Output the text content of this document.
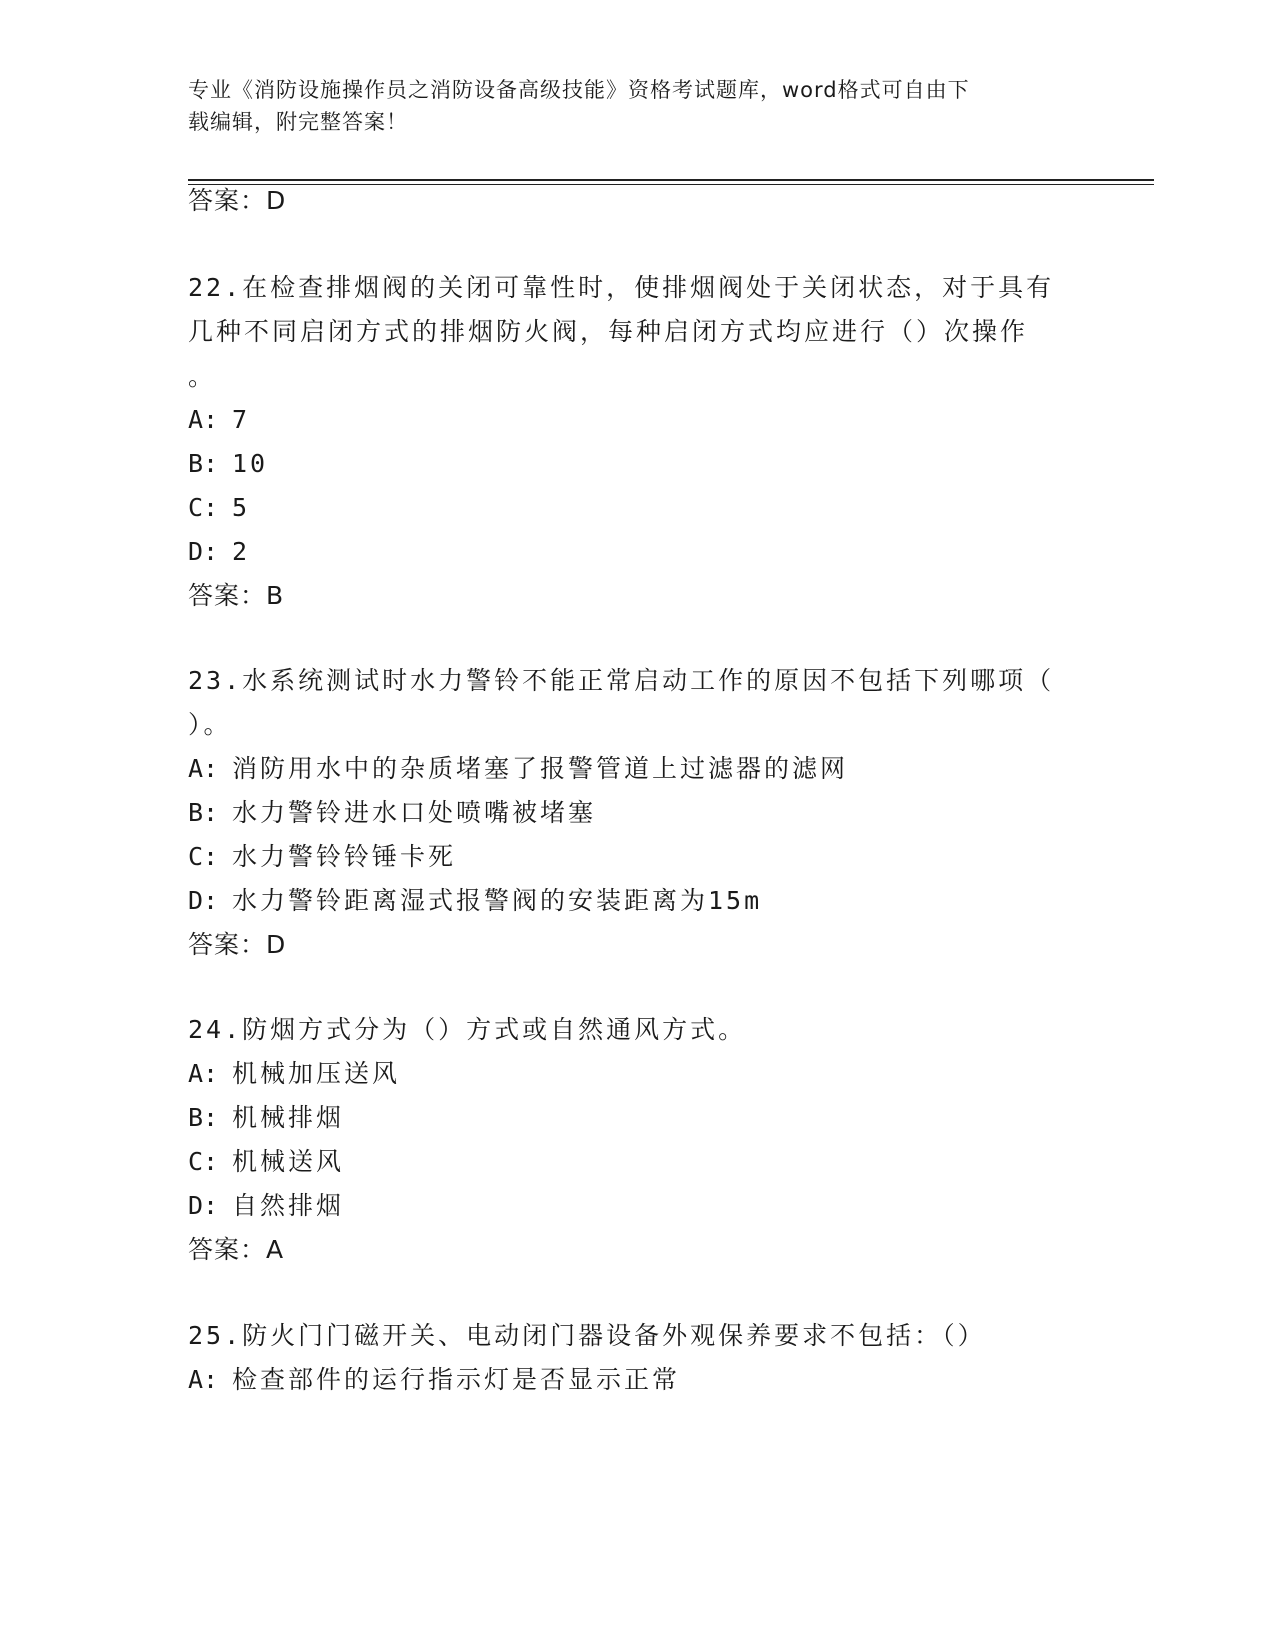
专业《消防设施操作员之消防设备高级技能》资格考试题库，word格式可自由下
载编辑，附完整答案！
答案：D
22.在检查排烟阀的关闭可靠性时，使排烟阀处于关闭状态，对于具有
几种不同启闭方式的排烟防火阀，每种启闭方式均应进行（）次操作
。
A: 7
B: 10
C: 5
D: 2
答案：B
23.水系统测试时水力警铃不能正常启动工作的原因不包括下列哪项（
）。
A: 消防用水中的杂质堵塞了报警管道上过滤器的滤网
B: 水力警铃进水口处喷嘴被堵塞
C: 水力警铃铃锤卡死
D: 水力警铃距离湿式报警阀的安装距离为15m
答案：D
24.防烟方式分为（）方式或自然通风方式。
A: 机械加压送风
B: 机械排烟
C: 机械送风
D: 自然排烟
答案：A
25.防火门门磁开关、电动闭门器设备外观保养要求不包括：（）
A: 检查部件的运行指示灯是否显示正常
